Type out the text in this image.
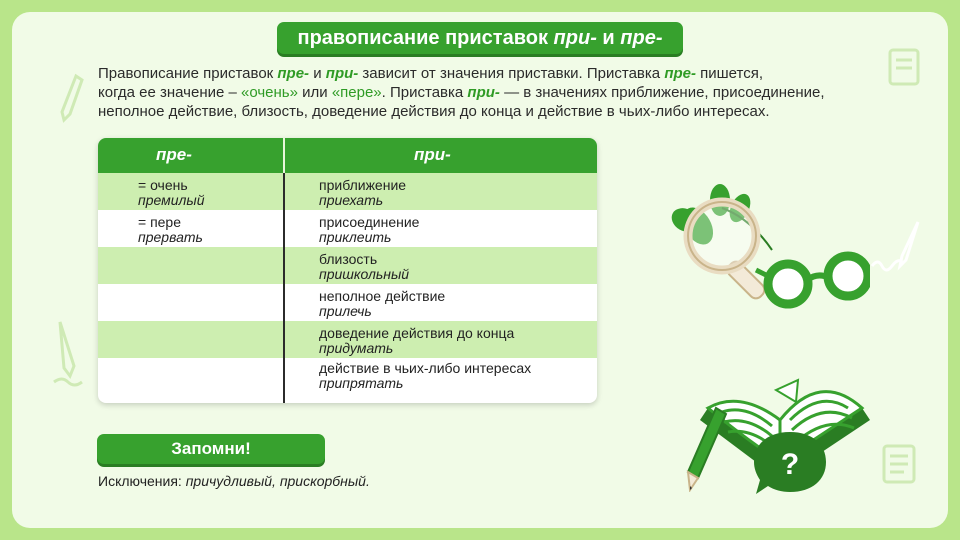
правописание приставок при- и пре-
Правописание приставок пре- и при- зависит от значения приставки. Приставка пре- пишется,
когда ее значение – «очень» или «пере». Приставка при- — в значениях приближение, присоединение,
неполное действие, близость, доведение действия до конца и действие в чьих-либо интересах.
пре-	при-
= очень
премилый
= пере
прервать
приближение
приехать
присоединение
приклеить
близость
пришкольный
неполное действие
прилечь
доведение действия до конца
придумать
действие в чьих-либо интересах
припрятать
?
Запомни!
Исключения: причудливый, прискорбный.
